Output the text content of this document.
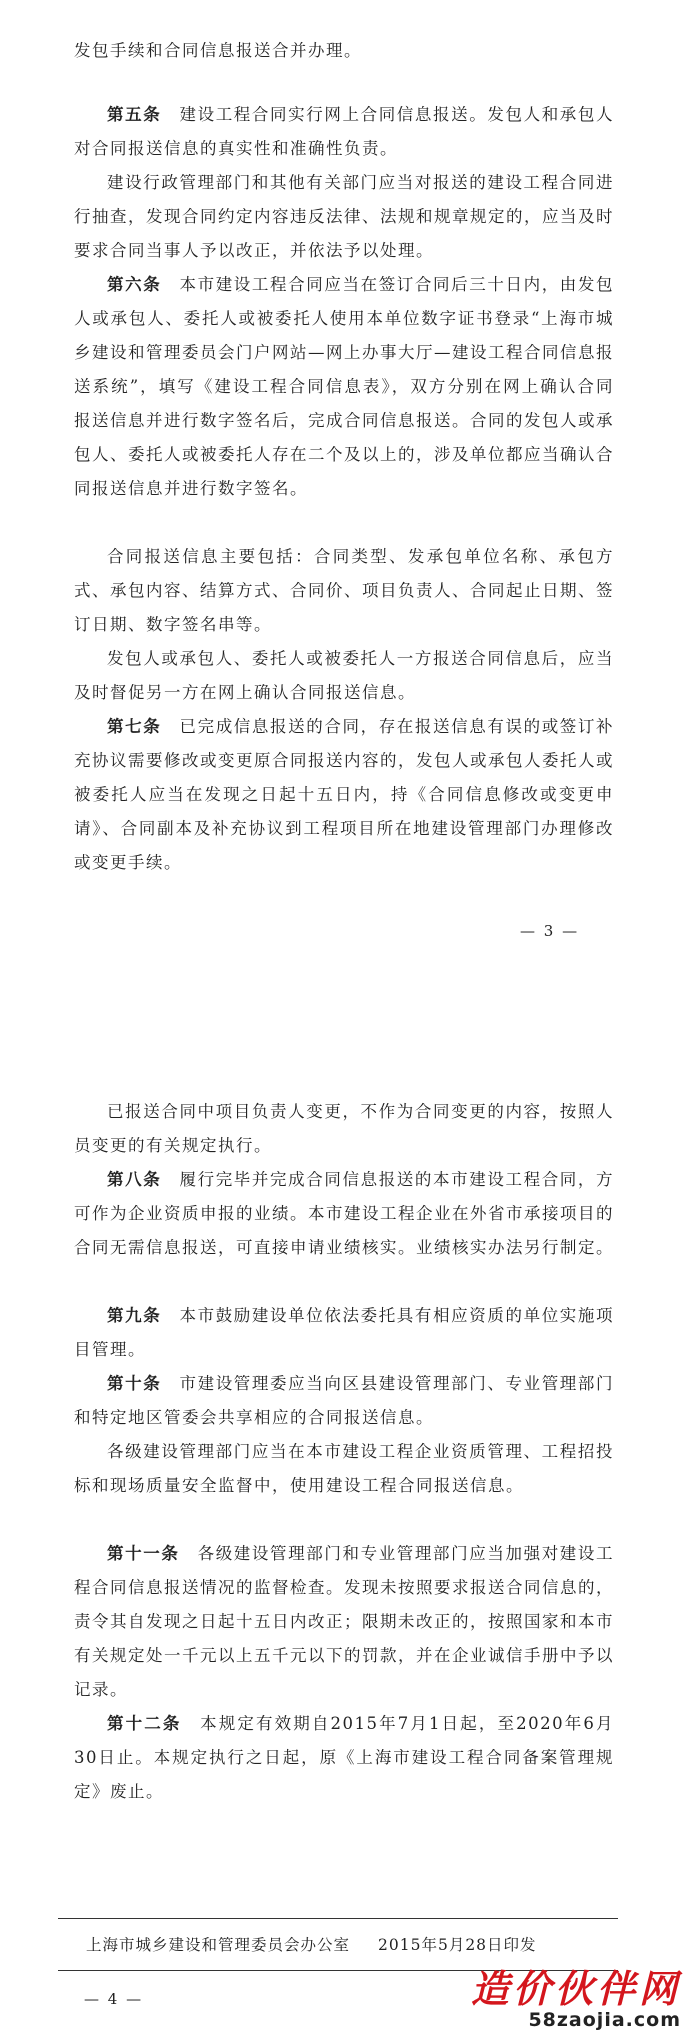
发包手续和合同信息报送合并办理。

第五条　 建设工程合同实行网上合同信息报送。发包人和承包人对合同报送信息的真实性和准确性负责。

建设行政管理部门和其他有关部门应当对报送的建设工程合同进行抽查，发现合同约定内容违反法律、法规和规章规定的，应当及时要求合同当事人予以改正，并依法予以处理。

第六条　 本市建设工程合同应当在签订合同后三十日内，由发包人或承包人、委托人或被委托人使用本单位数字证书登录“上海市城乡建设和管理委员会门户网站—网上办事大厅—建设工程合同信息报送系统”，填写《建设工程合同信息表》，双方分别在网上确认合同报送信息并进行数字签名后，完成合同信息报送。合同的发包人或承包人、委托人或被委托人存在二个及以上的，涉及单位都应当确认合同报送信息并进行数字签名。

合同报送信息主要包括：合同类型、发承包单位名称、承包方式、承包内容、结算方式、合同价、项目负责人、合同起止日期、签订日期、数字签名串等。

发包人或承包人、委托人或被委托人一方报送合同信息后，应当及时督促另一方在网上确认合同报送信息。

第七条　 已完成信息报送的合同，存在报送信息有误的或签订补充协议需要修改或变更原合同报送内容的，发包人或承包人委托人或被委托人应当在发现之日起十五日内，持《合同信息修改或变更申请》、合同副本及补充协议到工程项目所在地建设管理部门办理修改或变更手续。

— 3 —

已报送合同中项目负责人变更，不作为合同变更的内容，按照人员变更的有关规定执行。

第八条　 履行完毕并完成合同信息报送的本市建设工程合同，方可作为企业资质申报的业绩。本市建设工程企业在外省市承接项目的合同无需信息报送，可直接申请业绩核实。业绩核实办法另行制定。

第九条　 本市鼓励建设单位依法委托具有相应资质的单位实施项目管理。

第十条　 市建设管理委应当向区县建设管理部门、专业管理部门和特定地区管委会共享相应的合同报送信息。

各级建设管理部门应当在本市建设工程企业资质管理、工程招投标和现场质量安全监督中，使用建设工程合同报送信息。

第十一条　 各级建设管理部门和专业管理部门应当加强对建设工程合同信息报送情况的监督检查。发现未按照要求报送合同信息的，责令其自发现之日起十五日内改正；限期未改正的，按照国家和本市有关规定处一千元以上五千元以下的罚款，并在企业诚信手册中予以记录。

第十二条　 本规定有效期自2015年7月1日起，至2020年6月30日止。本规定执行之日起，原《上海市建设工程合同备案管理规定》废止。

上海市城乡建设和管理委员会办公室 2015年5月28日印发
— 4 —	造价伙伴网
58zaojia.com
